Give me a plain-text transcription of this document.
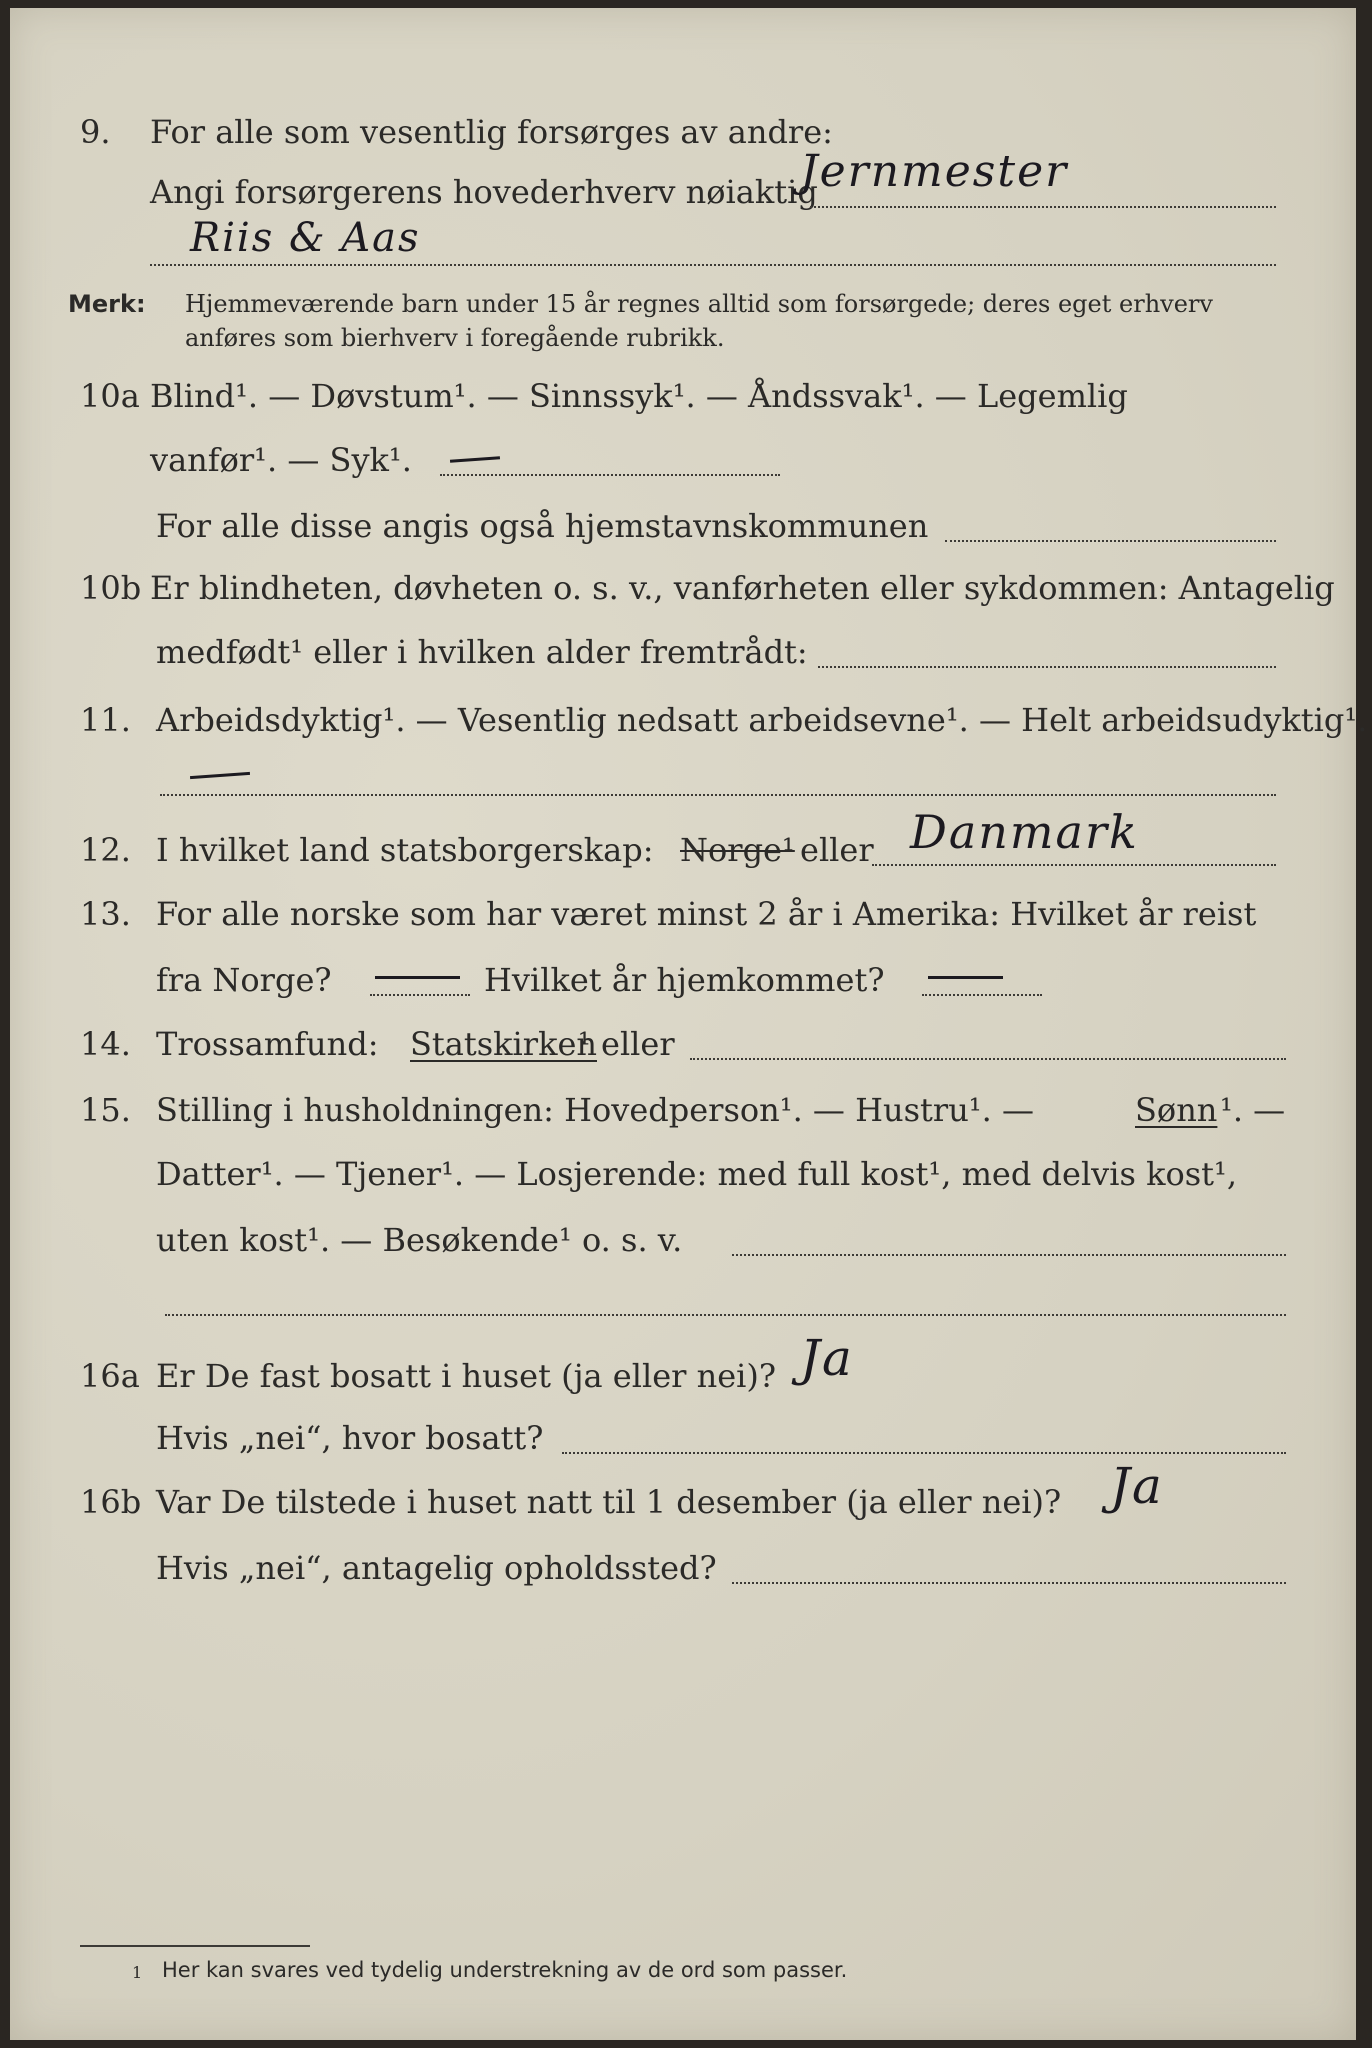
9. For alle som vesentlig forsørges av andre:
Angi forsørgerens hovederhverv nøiaktig
Jernmester
Riis & Aas
Merk: Hjemmeværende barn under 15 år regnes alltid som forsørgede; deres eget erhverv
anføres som bierhverv i foregående rubrikk.
10a Blind¹. — Døvstum¹. — Sinnssyk¹. — Åndssvak¹. — Legemlig
vanfør¹. — Syk¹.
For alle disse angis også hjemstavnskommunen
10b Er blindheten, døvheten o. s. v., vanførheten eller sykdommen: Antagelig
medfødt¹ eller i hvilken alder fremtrådt:
11. Arbeidsdyktig¹. — Vesentlig nedsatt arbeidsevne¹. — Helt arbeidsudyktig¹.
12. I hvilket land statsborgerskap: Norge¹ eller Danmark
13. For alle norske som har været minst 2 år i Amerika: Hvilket år reist
fra Norge?	Hvilket år hjemkommet?
14. Trossamfund: Statskirken
¹ eller
15. Stilling i husholdningen: Hovedperson¹. — Hustru¹. —	Sønn ¹. —
Datter¹. — Tjener¹. — Losjerende: med full kost¹, med delvis kost¹,
uten kost¹. — Besøkende¹ o. s. v.
16a Er De fast bosatt i huset (ja eller nei)? Ja
Hvis „nei“, hvor bosatt?
16b Var De tilstede i huset natt til 1 desember (ja eller nei)? Ja
Hvis „nei“, antagelig opholdssted?
1 Her kan svares ved tydelig understrekning av de ord som passer.
